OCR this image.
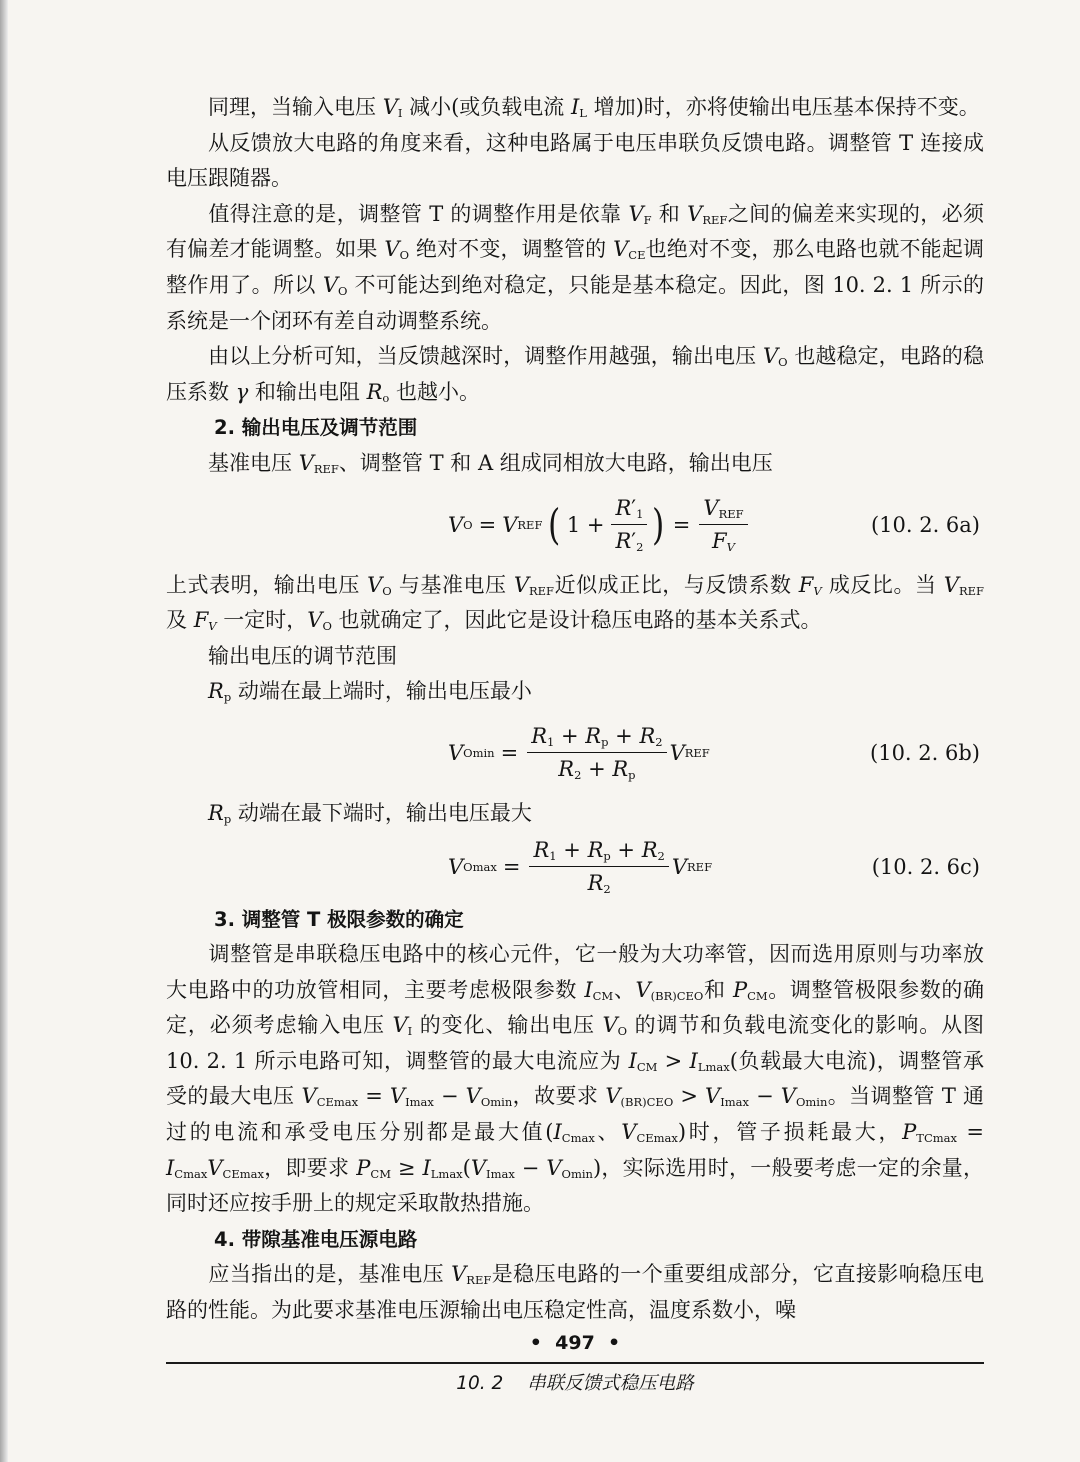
同理，当输入电压 $V_I$ 减小(或负载电流 $I_L$ 增加)时，亦将使输出电压基本保持不变。

从反馈放大电路的角度来看，这种电路属于电压串联负反馈电路。调整管 T 连接成电压跟随器。

值得注意的是，调整管 T 的调整作用是依靠 $V_F$ 和 $V_{REF}$之间的偏差来实现的，必须有偏差才能调整。如果 $V_O$ 绝对不变，调整管的 $V_{CE}$也绝对不变，那么电路也就不能起调整作用了。所以 $V_O$ 不可能达到绝对稳定，只能是基本稳定。因此，图 10. 2. 1 所示的系统是一个闭环有差自动调整系统。

由以上分析可知，当反馈越深时，调整作用越强，输出电压 $V_O$ 也越稳定，电路的稳压系数 γ 和输出电阻 $R_o$ 也越小。

2. 输出电压及调节范围

基准电压 $V_{REF}$、调整管 T 和 A 组成同相放大电路，输出电压

V O = V REF ( $1 + \frac{R'_1}{R'_2}$ ) = $\frac{V_{REF}}{F_V}$	(10. 2. 6a)

上式表明，输出电压 $V_O$ 与基准电压 $V_{REF}$近似成正比，与反馈系数 $F_V$ 成反比。当 $V_{REF}$及 $F_V$ 一定时，$V_O$ 也就确定了，因此它是设计稳压电路的基本关系式。

输出电压的调节范围

$R_p$ 动端在最上端时，输出电压最小

V $Omin = \frac{R_1 + R_p + R_2}{R_2 + R_p}$ V REF	(10. 2. 6b)

$R_p$ 动端在最下端时，输出电压最大

V $Omax = \frac{R_1 + R_p + R_2}{R_2}$ V REF	(10. 2. 6c)
3. 调整管 T 极限参数的确定

调整管是串联稳压电路中的核心元件，它一般为大功率管，因而选用原则与功率放大电路中的功放管相同，主要考虑极限参数 $I_{CM}$、$V_{(BR)CEO}$和 $P_{CM}$。调整管极限参数的确定，必须考虑输入电压 $V_I$ 的变化、输出电压 $V_O$ 的调节和负载电流变化的影响。从图 10. 2. 1 所示电路可知，调整管的最大电流应为 $I_{CM} > I_{Lmax}$(负载最大电流)，调整管承受的最大电压 $V_{CEmax} = V_{Imax} - V_{Omin}$，故要求 $V_{(BR)CEO} > V_{Imax} - V_{Omin}$。当调整管 T 通过的电流和承受电压分别都是最大值($I_{Cmax}$、$V_{CEmax}$)时，管子损耗最大，$P_{TCmax} = I_{Cmax}V_{CEmax}$，即要求 $P_{CM} \ge I_{Lmax}(V_{Imax} - V_{Omin})$，实际选用时，一般要考虑一定的余量，同时还应按手册上的规定采取散热措施。

4. 带隙基准电压源电路

应当指出的是，基准电压 $V_{REF}$是稳压电路的一个重要组成部分，它直接影响稳压电路的性能。为此要求基准电压源输出电压稳定性高，温度系数小，噪

•  497  •
10. 2 串联反馈式稳压电路
